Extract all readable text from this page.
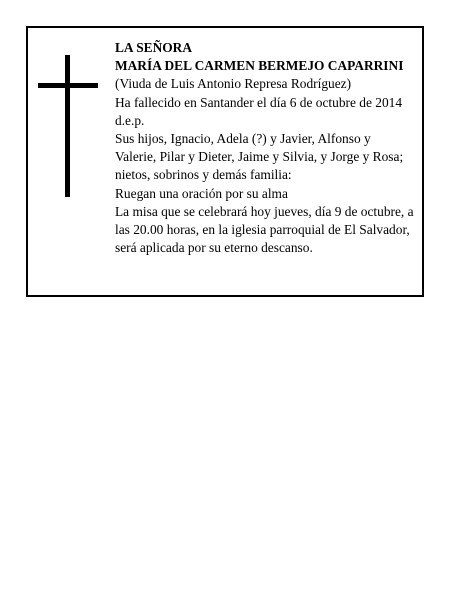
LA SEÑORA
MARÍA DEL CARMEN BERMEJO CAPARRINI
(Viuda de Luis Antonio Represa Rodríguez)
Ha fallecido en Santander el día 6 de octubre de 2014
d.e.p.
Sus hijos, Ignacio, Adela (?) y Javier, Alfonso y
Valerie, Pilar y Dieter, Jaime y Silvia, y Jorge y Rosa;
nietos, sobrinos y demás familia:
Ruegan una oración por su alma
La misa que se celebrará hoy jueves, día 9 de octubre, a
las 20.00 horas, en la iglesia parroquial de El Salvador,
será aplicada por su eterno descanso.
